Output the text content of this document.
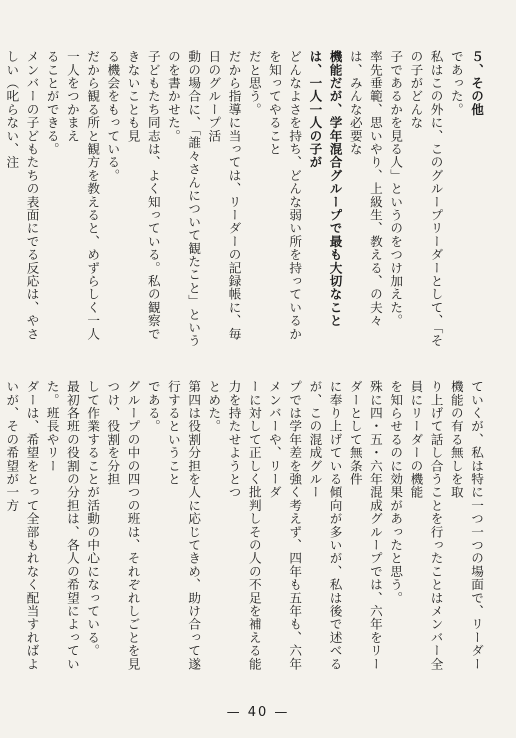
５、その他
であった。
私はこの外に、このグループリーダーとして、「その子がどんな
子であるかを見る人」というのをつけ加えた。
率先垂範、思いやり、上級生、教える、の夫々は、みんな必要な
機能だが、学年混合グループで最も大切なことは、一人一人の子が
どんなよさを持ち、どんな弱い所を持っているかを知ってやること
だと思う。
だから指導に当っては、リーダーの記録帳に、毎日のグループ活
動の場合に、「誰々さんについて観たこと」というのを書かせた。
子どもたち同志は、よく知っている。私の観察できないことも見
る機会をもっている。
だから観る所と観方を教えると、めずらしく一人一人をつかまえ
ることができる。
メンバーの子どもたちの表面にでる反応は、やさしい（叱らない、注
ていくが、私は特に一つ一つの場面で、リーダー機能の有る無しを取
り上げて話し合うことを行ったことはメンバー全員にリーダーの機能
を知らせるのに効果があったと思う。
殊に四・五・六年混成グループでは、六年をリーダーとして無条件
に奉り上げている傾向が多いが、私は後で述べるが、この混成グルー
プでは学年差を強く考えず、四年も五年も、六年メンバーや、リーダ
ーに対して正しく批判しその人の不足を補える能力を持たせようとつ
とめた。
第四は役割分担を人に応じてきめ、助け合って遂行するということ
である。
グループの中の四つの班は、それぞれしごとを見つけ、役割を分担
して作業することが活動の中心になっている。
最初各班の役割の分担は、各人の希望によっていた。班長やリー
ダーは、希望をとって全部もれなく配当すればよいが、その希望が一方
— 40 —
